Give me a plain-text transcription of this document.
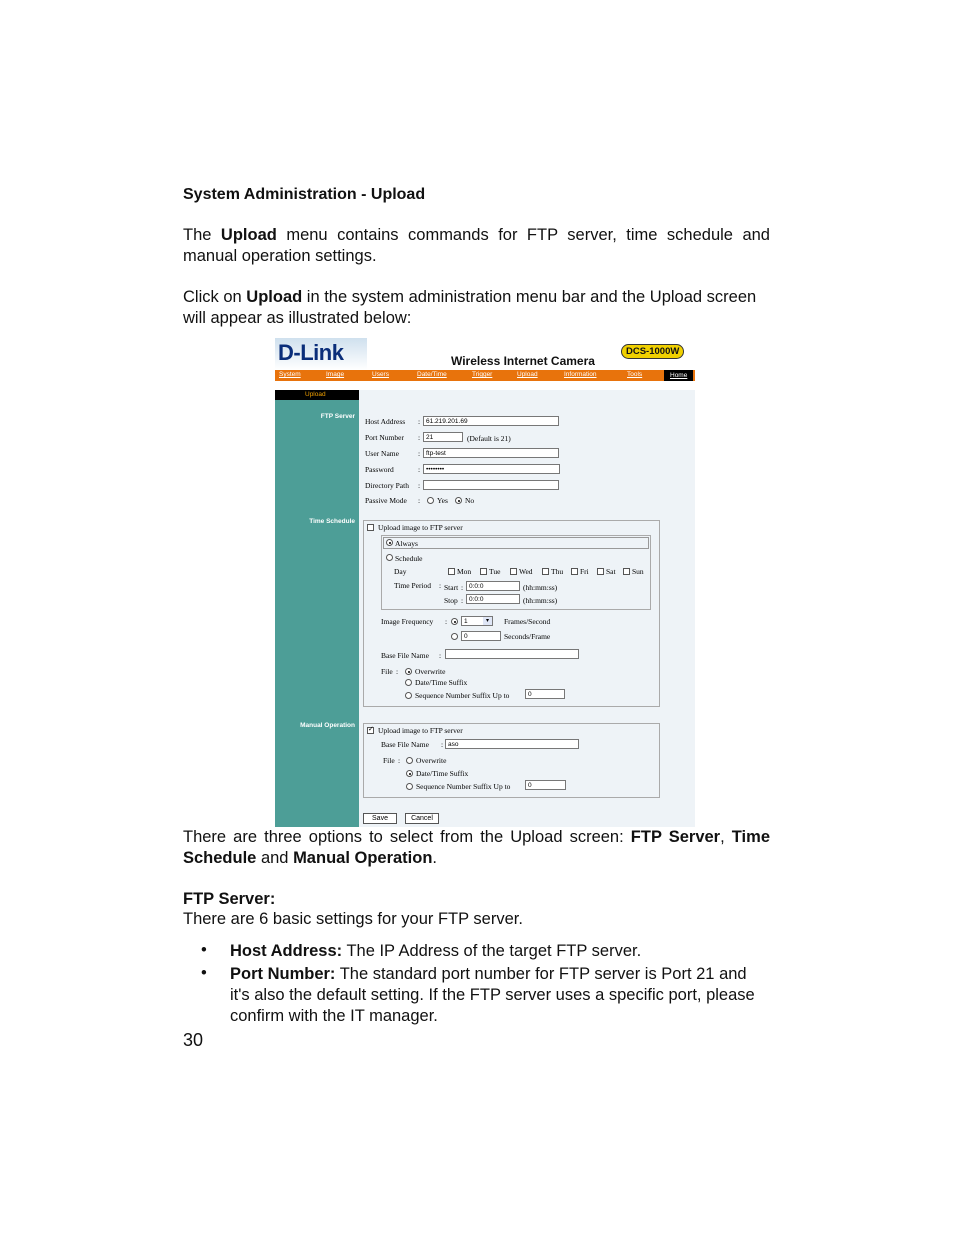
System Administration - Upload
The Upload menu contains commands for FTP server, time schedule and manual operation settings.
Click on Upload in the system administration menu bar and the Upload screen will appear as illustrated below:
D-Link	Wireless Internet Camera
DCS-1000W
System	Image	Users	Date/Time	Trigger	Upload	Information	Tools	Home
Upload
FTP Server
Time Schedule
Manual Operation
Host Address : 61.219.201.69
Port Number : 21	(Default is 21)
User Name	: ftp-test
Password	: ••••••••
Directory Path :
Passive Mode : Yes No
Upload image to FTP server
Always
Schedule
Day	Mon Tue Wed Thu Fri Sat Sun
Time Period : Start : 0:0:0	(hh:mm:ss)
Stop : 0:0:0	(hh:mm:ss)
Image Frequency :	1	▾	Frames/Second
0	Seconds/Frame
Base File Name :
File : Overwrite
Date/Time Suffix
Sequence Number Suffix Up to	0
✓
Upload image to FTP server
Base File Name : aso
File : Overwrite
Date/Time Suffix
Sequence Number Suffix Up to	0
Save	Cancel
There are three options to select from the Upload screen: FTP Server, Time Schedule and Manual Operation.
FTP Server:
There are 6 basic settings for your FTP server.
• Host Address: The IP Address of the target FTP server.
• Port Number: The standard port number for FTP server is Port 21 and it's also the default setting. If the FTP server uses a specific port, please confirm with the IT manager.
30
